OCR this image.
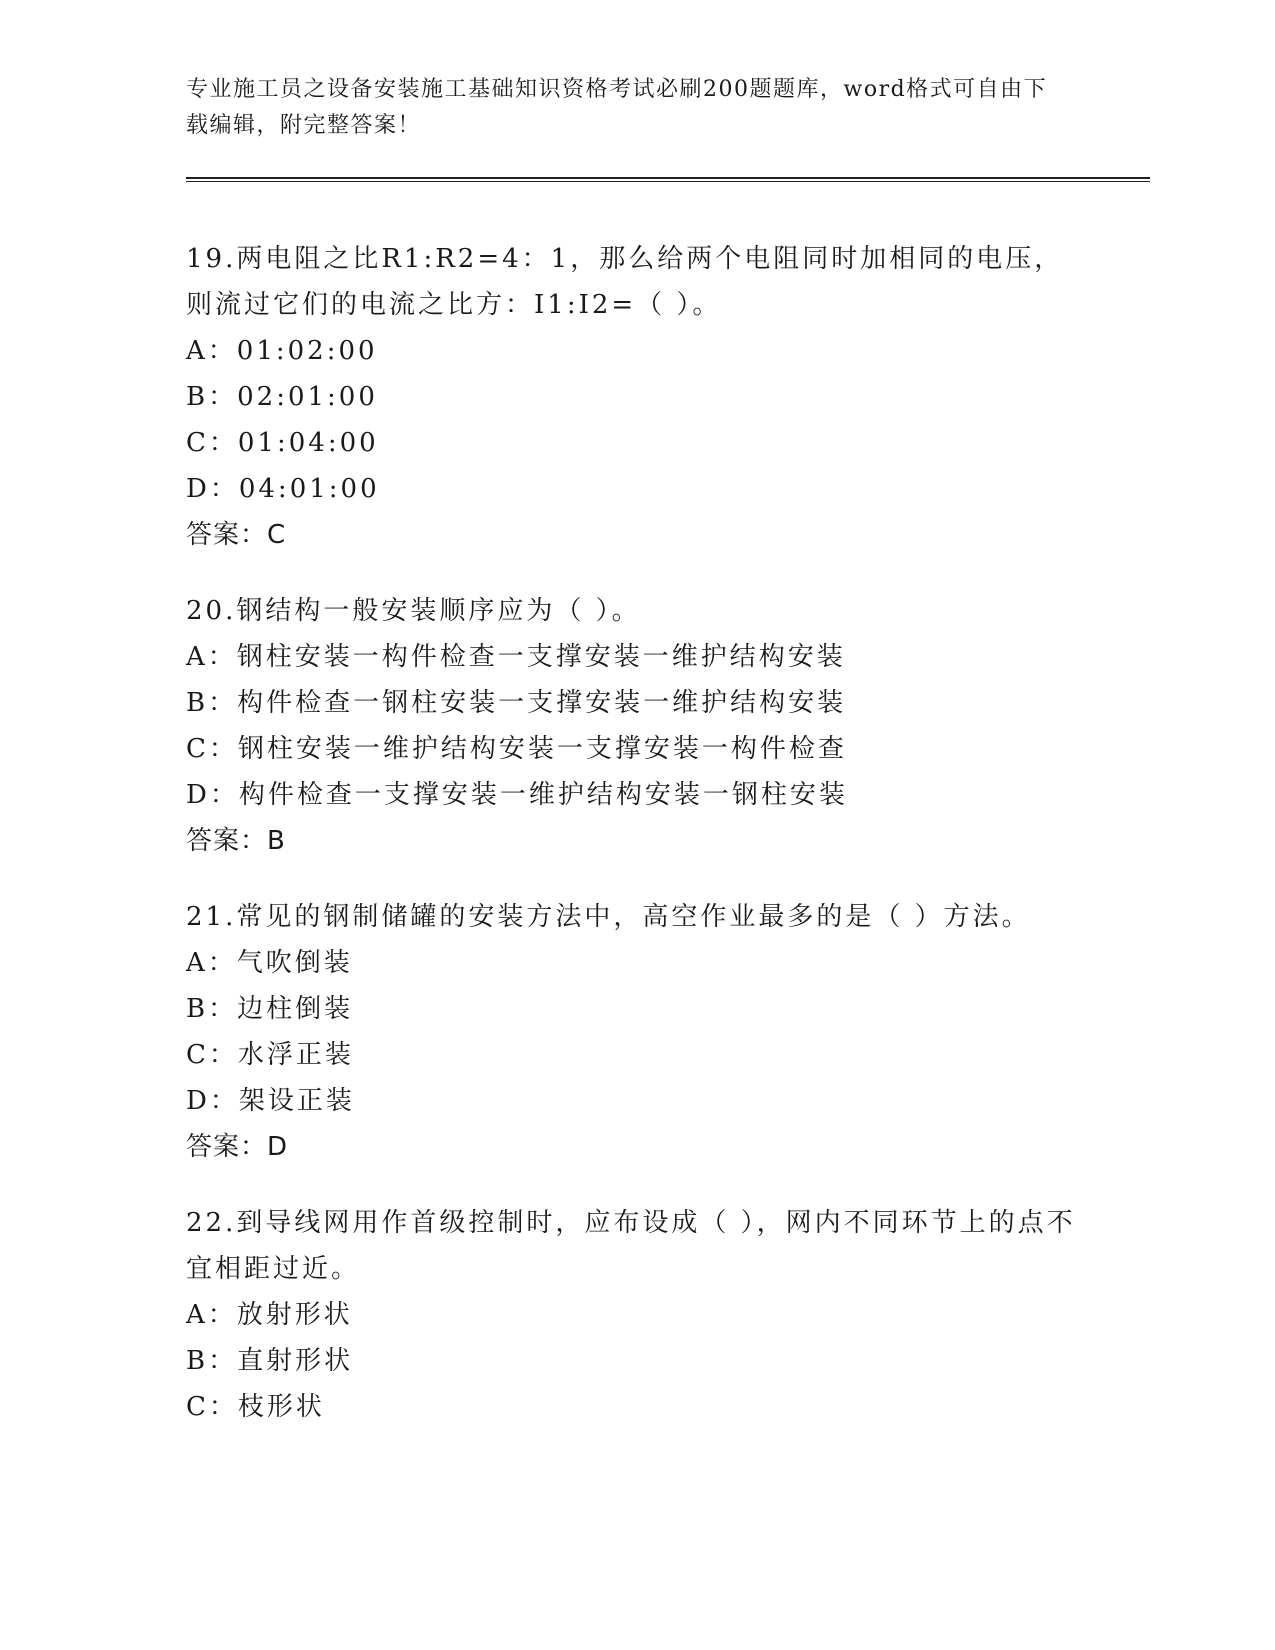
专业施工员之设备安装施工基础知识资格考试必刷200题题库，word格式可自由下载编辑，附完整答案！

19.两电阻之比R1:R2=4：1，那么给两个电阻同时加相同的电压，则流过它们的电流之比方：I1:I2=（ ）。

A：01:02:00

B：02:01:00

C：01:04:00

D：04:01:00

答案：C

20.钢结构一般安装顺序应为（ ）。

A：钢柱安装一构件检查一支撑安装一维护结构安装

B：构件检查一钢柱安装一支撑安装一维护结构安装

C：钢柱安装一维护结构安装一支撑安装一构件检查

D：构件检查一支撑安装一维护结构安装一钢柱安装

答案：B

21.常见的钢制储罐的安装方法中，高空作业最多的是（ ）方法。

A：气吹倒装

B：边柱倒装

C：水浮正装

D：架设正装

答案：D

22.到导线网用作首级控制时，应布设成（ ），网内不同环节上的点不宜相距过近。

A：放射形状

B：直射形状

C：枝形状
